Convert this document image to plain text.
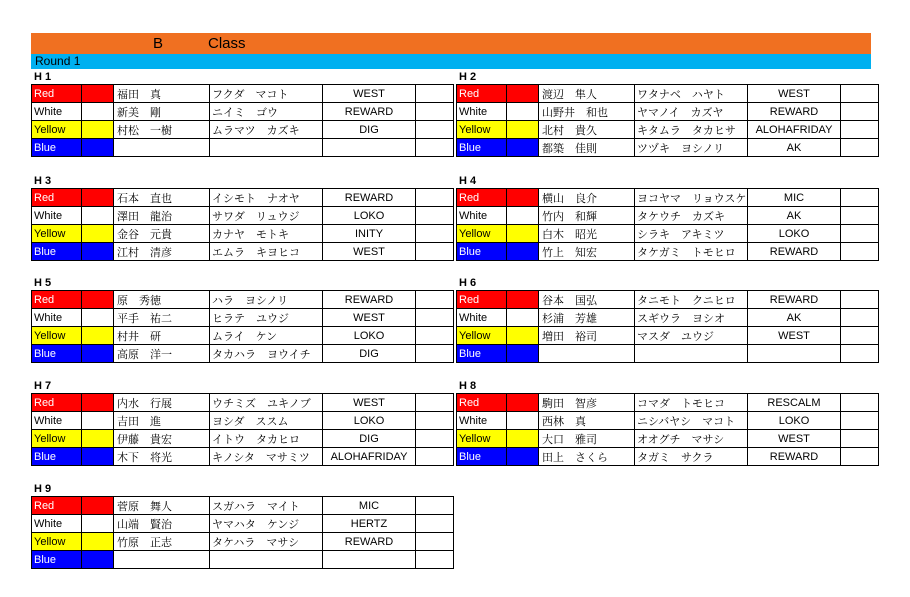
B	Class
Round 1
H 1
Red		福田　真	フクダ　マコト	WEST	
White		新美　剛	ニイミ　ゴウ	REWARD	
Yellow		村松　一樹	ムラマツ　カズキ	DIG	
Blue					
H 2
Red		渡辺　隼人	ワタナベ　ハヤト	WEST	
White		山野井　和也	ヤマノイ　カズヤ	REWARD	
Yellow		北村　貴久	キタムラ　タカヒサ	ALOHAFRIDAY	
Blue		都築　佳則	ツヅキ　ヨシノリ	AK	
H 3
Red		石本　直也	イシモト　ナオヤ	REWARD	
White		澤田　龍治	サワダ　リュウジ	LOKO	
Yellow		金谷　元貴	カナヤ　モトキ	INITY	
Blue		江村　清彦	エムラ　キヨヒコ	WEST	
H 4
Red		横山　良介	ヨコヤマ　リョウスケ	MIC	
White		竹内　和輝	タケウチ　カズキ	AK	
Yellow		白木　昭光	シラキ　アキミツ	LOKO	
Blue		竹上　知宏	タケガミ　トモヒロ	REWARD	
H 5
Red		原　秀徳	ハラ　ヨシノリ	REWARD	
White		平手　祐二	ヒラテ　ユウジ	WEST	
Yellow		村井　研	ムライ　ケン	LOKO	
Blue		高原　洋一	タカハラ　ヨウイチ	DIG	
H 6
Red		谷本　国弘	タニモト　クニヒロ	REWARD	
White		杉浦　芳雄	スギウラ　ヨシオ	AK	
Yellow		増田　裕司	マスダ　ユウジ	WEST	
Blue					
H 7
Red		内水　行展	ウチミズ　ユキノブ	WEST	
White		吉田　進	ヨシダ　ススム	LOKO	
Yellow		伊藤　貴宏	イトウ　タカヒロ	DIG	
Blue		木下　将光	キノシタ　マサミツ	ALOHAFRIDAY	
H 8
Red		駒田　智彦	コマダ　トモヒコ	RESCALM	
White		西林　真	ニシバヤシ　マコト	LOKO	
Yellow		大口　雅司	オオグチ　マサシ	WEST	
Blue		田上　さくら	タガミ　サクラ	REWARD	
H 9
Red		菅原　舞人	スガハラ　マイト	MIC	
White		山端　賢治	ヤマハタ　ケンジ	HERTZ	
Yellow		竹原　正志	タケハラ　マサシ	REWARD	
Blue					
